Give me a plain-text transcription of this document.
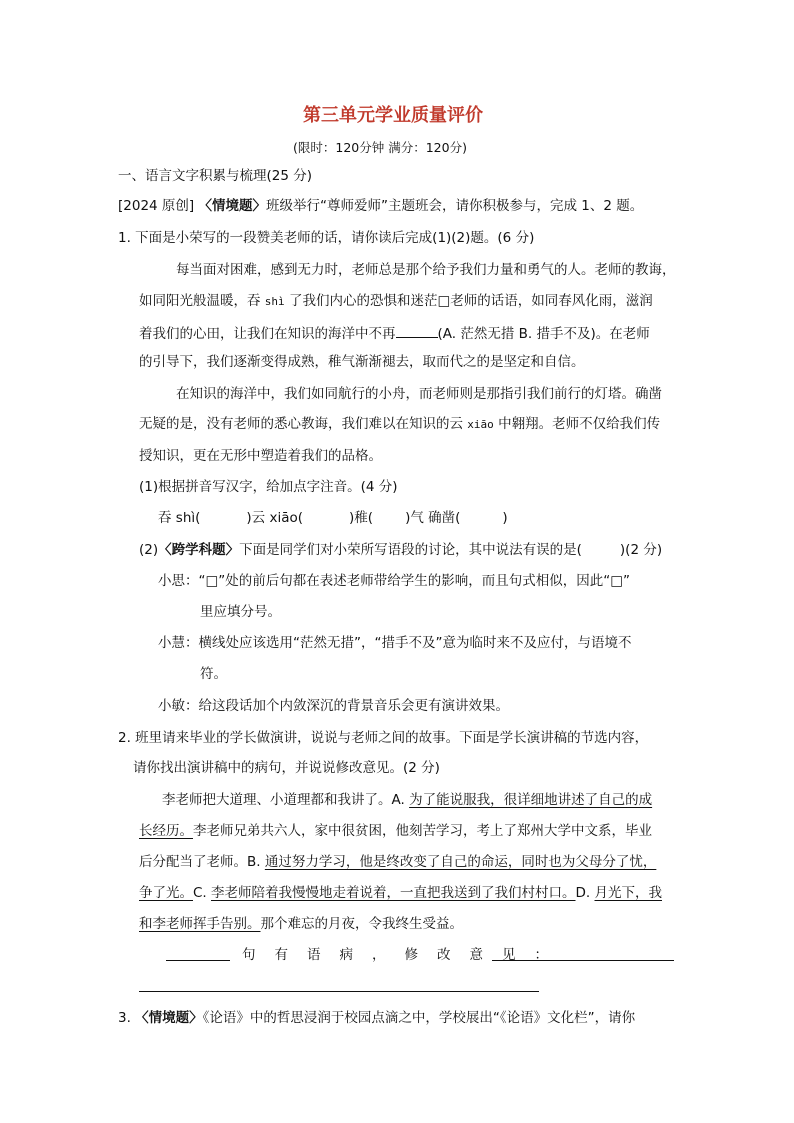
第三单元学业质量评价
(限时：120分钟 满分：120分)
一、语言文字积累与梳理(25 分)
[2024 原创] 〈情境题〉班级举行“尊师爱师”主题班会，请你积极参与，完成 1、2 题。
1. 下面是小荣写的一段赞美老师的话，请你读后完成(1)(2)题。(6 分)
每当面对困难，感到无力时，老师总是那个给予我们力量和勇气的人。老师的教诲，
如同阳光般温暖，吞 shì 了我们内心的恐惧和迷茫□老师的话语，如同春风化雨，滋润
着我们的心田，让我们在知识的海洋中不再	(A. 茫然无措 B. 措手不及)。在老师
的引导下，我们逐渐变得成熟，稚气渐渐褪去，取而代之的是坚定和自信。
在知识的海洋中，我们如同航行的小舟，而老师则是那指引我们前行的灯塔。确凿
无疑的是，没有老师的悉心教诲，我们难以在知识的云 xiāo 中翱翔。老师不仅给我们传
授知识，更在无形中塑造着我们的品格。
(1)根据拼音写汉字，给加点字注音。(4 分)
吞 shì(	)云 xiāo(	)稚( )气 确凿(	)
(2)〈跨学科题〉下面是同学们对小荣所写语段的讨论，其中说法有误的是(	)(2 分)
小思：“□”处的前后句都在表述老师带给学生的影响，而且句式相似，因此“□”
里应填分号。
小慧：横线处应该选用“茫然无措”，“措手不及”意为临时来不及应付，与语境不
符。
小敏：给这段话加个内敛深沉的背景音乐会更有演讲效果。
2. 班里请来毕业的学长做演讲，说说与老师之间的故事。下面是学长演讲稿的节选内容，
请你找出演讲稿中的病句，并说说修改意见。(2 分)
李老师把大道理、小道理都和我讲了。A. 为了能说服我，很详细地讲述了自己的成
长经历。李老师兄弟共六人，家中很贫困，他刻苦学习，考上了郑州大学中文系，毕业
后分配当了老师。B. 通过努力学习，他是终改变了自己的命运，同时也为父母分了忧，
争了光。C. 李老师陪着我慢慢地走着说着，一直把我送到了我们村村口。D. 月光下，我
和李老师挥手告别。那个难忘的月夜，令我终生受益。
句有语病，修改意见：
3. 〈情境题〉《论语》中的哲思浸润于校园点滴之中，学校展出“《论语》文化栏”，请你
